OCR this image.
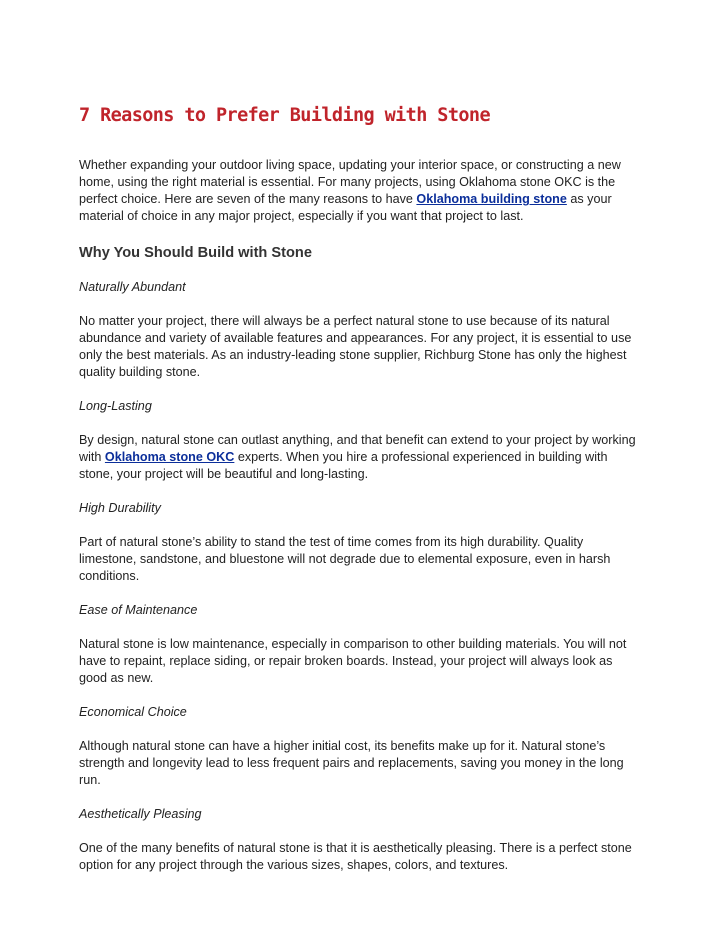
7 Reasons to Prefer Building with Stone

Whether expanding your outdoor living space, updating your interior space, or constructing a new home, using the right material is essential. For many projects, using Oklahoma stone OKC is the perfect choice. Here are seven of the many reasons to have Oklahoma building stone as your material of choice in any major project, especially if you want that project to last.

Why You Should Build with Stone
Naturally Abundant

No matter your project, there will always be a perfect natural stone to use because of its natural abundance and variety of available features and appearances. For any project, it is essential to use only the best materials. As an industry-leading stone supplier, Richburg Stone has only the highest quality building stone.

Long-Lasting

By design, natural stone can outlast anything, and that benefit can extend to your project by working with Oklahoma stone OKC experts. When you hire a professional experienced in building with stone, your project will be beautiful and long-lasting.

High Durability

Part of natural stone’s ability to stand the test of time comes from its high durability. Quality limestone, sandstone, and bluestone will not degrade due to elemental exposure, even in harsh conditions.

Ease of Maintenance

Natural stone is low maintenance, especially in comparison to other building materials. You will not have to repaint, replace siding, or repair broken boards. Instead, your project will always look as good as new.

Economical Choice

Although natural stone can have a higher initial cost, its benefits make up for it. Natural stone’s strength and longevity lead to less frequent pairs and replacements, saving you money in the long run.

Aesthetically Pleasing

One of the many benefits of natural stone is that it is aesthetically pleasing. There is a perfect stone option for any project through the various sizes, shapes, colors, and textures.
